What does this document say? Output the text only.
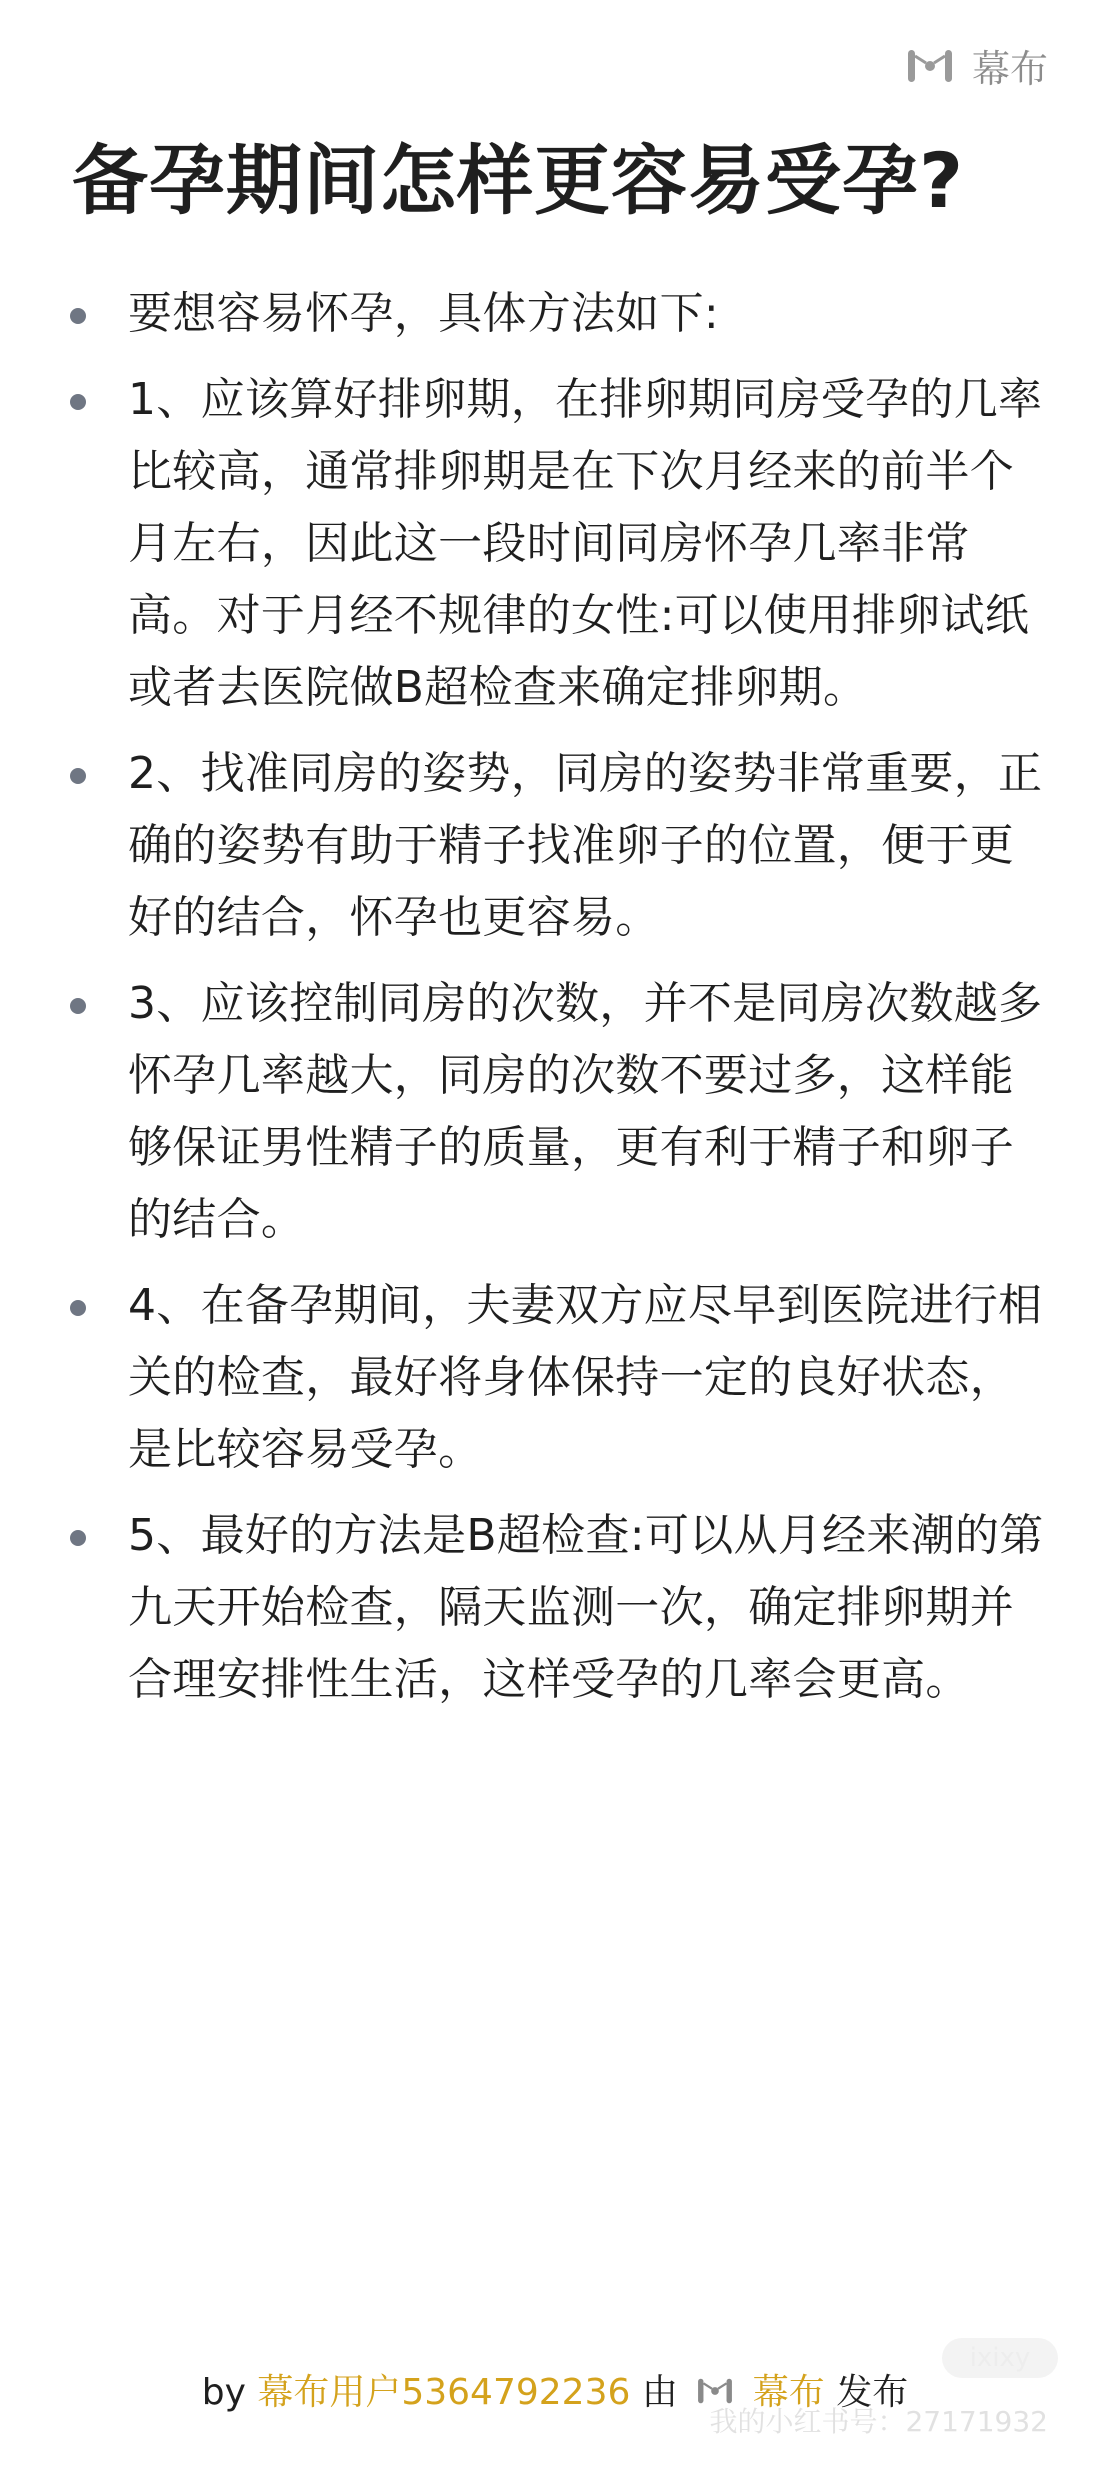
幕布
备孕期间怎样更容易受孕?
要想容易怀孕，具体方法如下:
1、应该算好排卵期，在排卵期同房受孕的几率比较高，通常排卵期是在下次月经来的前半个月左右，因此这一段时间同房怀孕几率非常高。对于月经不规律的女性:可以使用排卵试纸或者去医院做B超检查来确定排卵期。
2、找准同房的姿势，同房的姿势非常重要，正确的姿势有助于精子找准卵子的位置，便于更好的结合，怀孕也更容易。
3、应该控制同房的次数，并不是同房次数越多怀孕几率越大，同房的次数不要过多，这样能够保证男性精子的质量，更有利于精子和卵子的结合。
4、在备孕期间，夫妻双方应尽早到医院进行相关的检查，最好将身体保持一定的良好状态，是比较容易受孕。
5、最好的方法是B超检查:可以从月经来潮的第九天开始检查，隔天监测一次，确定排卵期并合理安排性生活，这样受孕的几率会更高。
by 幕布用户5364792236 由 幕布 发布
ixixy
我的小红书号：27171932
